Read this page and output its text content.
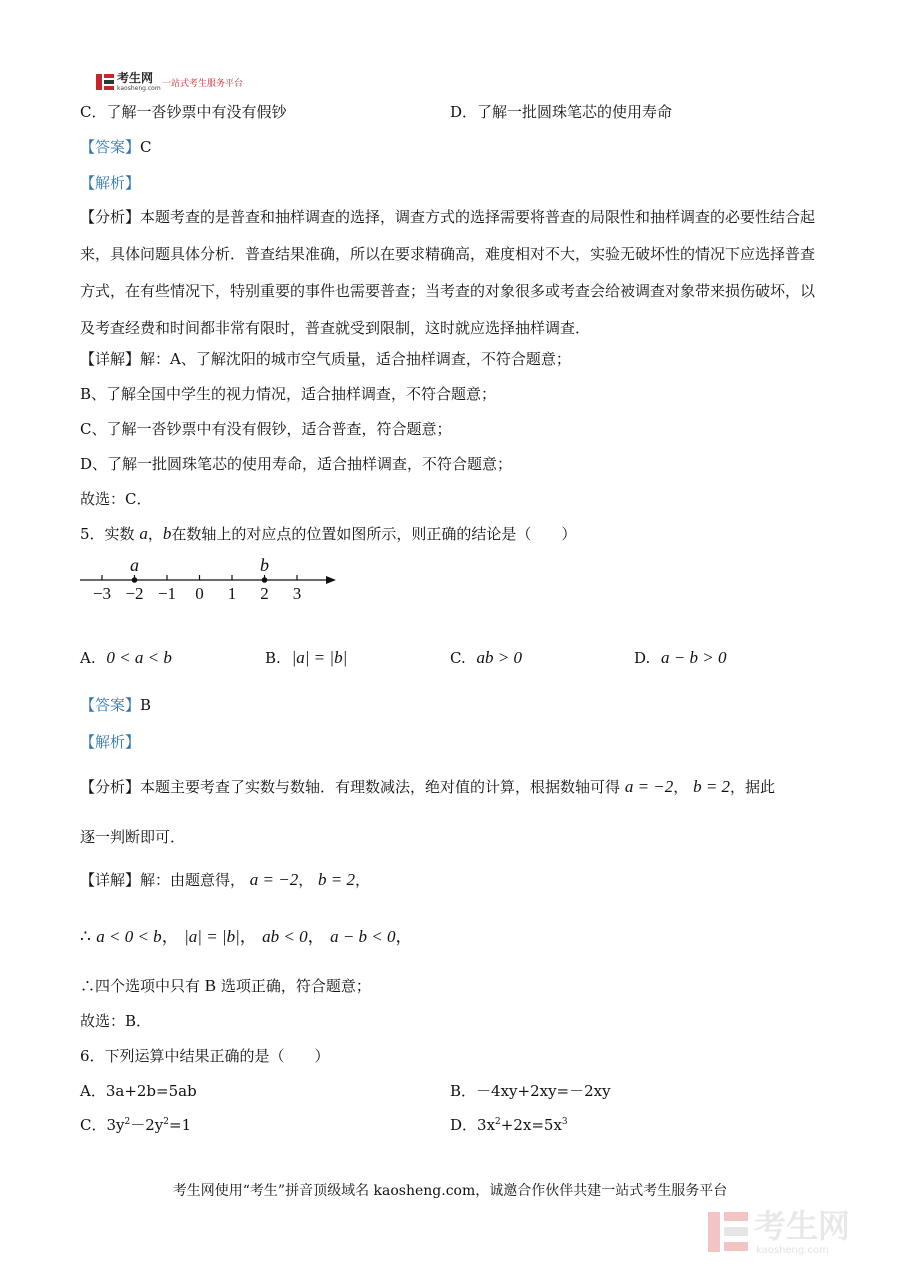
考生网
kaosheng.com 一站式考生服务平台
C．了解一沓钞票中有没有假钞	D．了解一批圆珠笔芯的使用寿命
【答案】C
【解析】
【分析】本题考查的是普查和抽样调查的选择，调查方式的选择需要将普查的局限性和抽样调查的必要性结合起来，具体问题具体分析．普查结果准确，所以在要求精确高，难度相对不大，实验无破坏性的情况下应选择普查方式，在有些情况下，特别重要的事件也需要普查；当考查的对象很多或考查会给被调查对象带来损伤破坏，以及考查经费和时间都非常有限时，普查就受到限制，这时就应选择抽样调查．
【详解】解：A、了解沈阳的城市空气质量，适合抽样调查，不符合题意；
B、了解全国中学生的视力情况，适合抽样调查，不符合题意；
C、了解一沓钞票中有没有假钞，适合普查，符合题意；
D、了解一批圆珠笔芯的使用寿命，适合抽样调查，不符合题意；
故选：C．
5．实数 a，b在数轴上的对应点的位置如图所示，则正确的结论是（　　）
−3 −2 −1 0 1 2 3
a	b
A. 0 < a < b	B. |a| = |b|	C. ab > 0	D. a − b > 0
【答案】B
【解析】
【分析】本题主要考查了实数与数轴．有理数减法，绝对值的计算，根据数轴可得 a = −2， b = 2，据此
逐一判断即可．
【详解】解：由题意得， a = −2， b = 2，
∴ a < 0 < b， |a| = |b|， ab < 0， a − b < 0，
∴四个选项中只有 B 选项正确，符合题意；
故选：B．
6．下列运算中结果正确的是（　　）
A．3a+2b=5ab	B．－4xy+2xy=－2xy
C．$3y^2-2y^2=1$	D．$3x^2+2x=5x^3$
考生网使用“考生”拼音顶级域名 kaosheng.com，诚邀合作伙伴共建一站式考生服务平台
考生网
kaosheng.com
